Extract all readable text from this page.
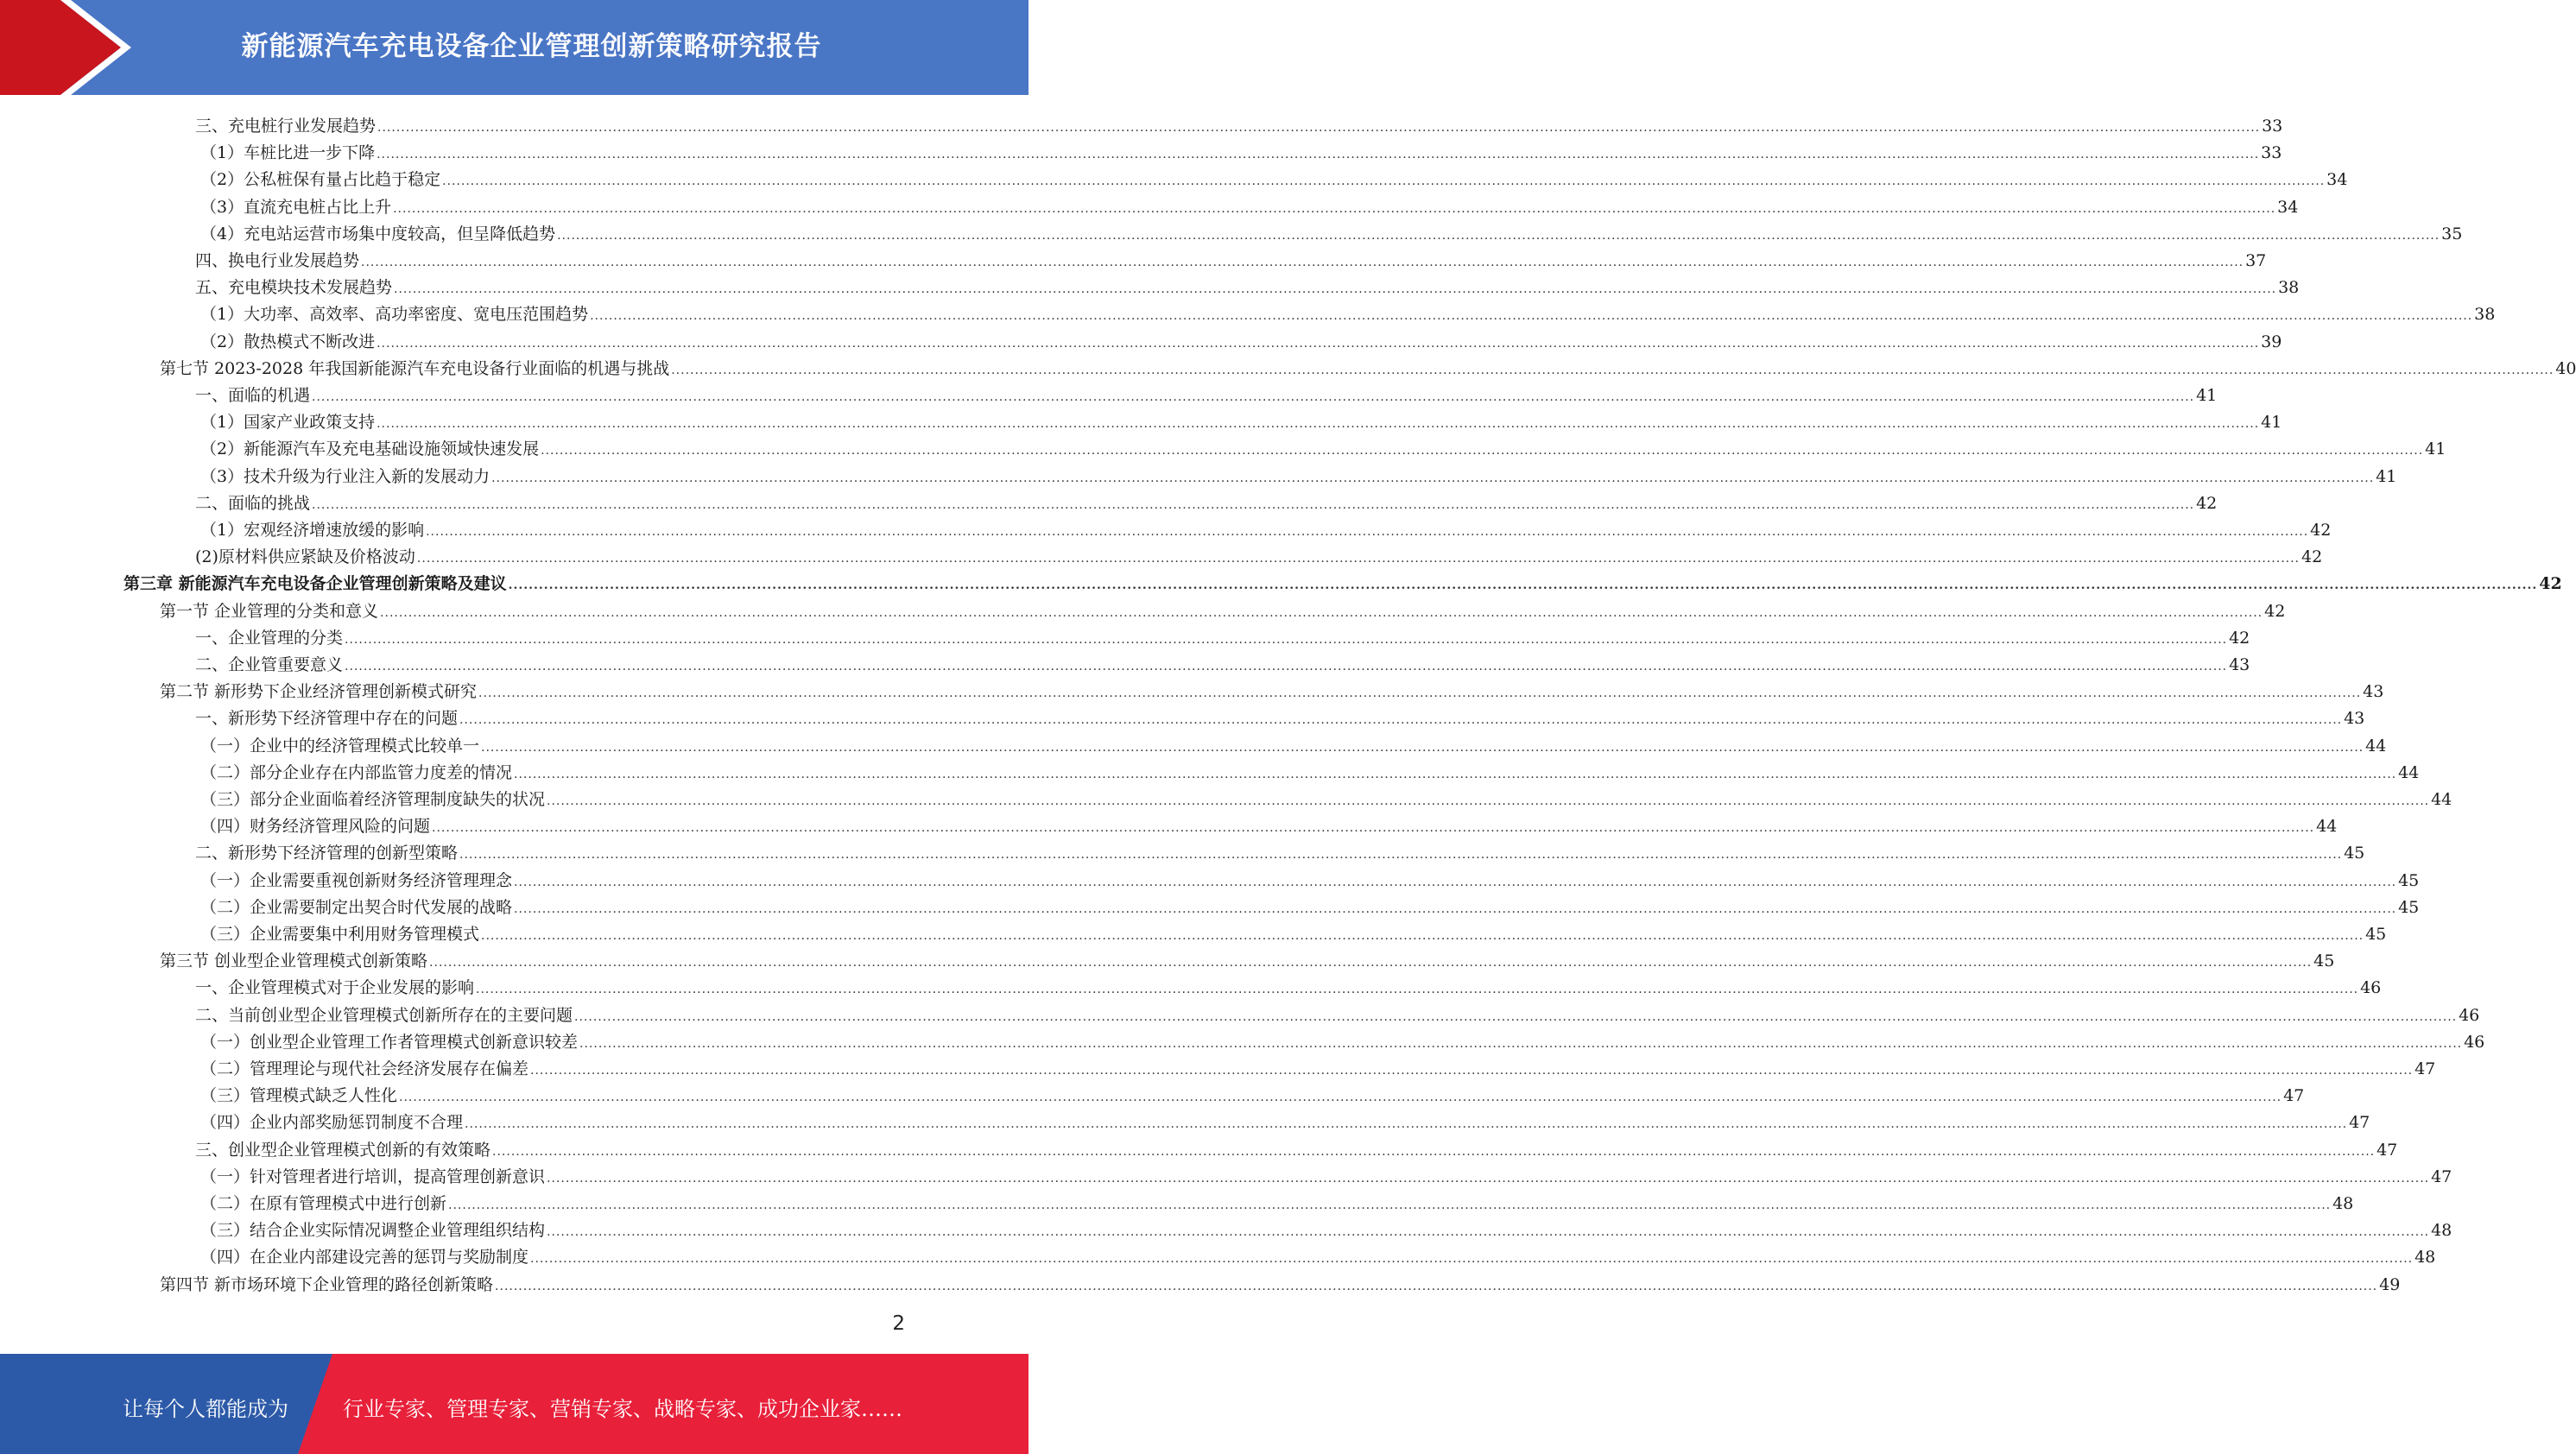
新能源汽车充电设备企业管理创新策略研究报告
三、充电桩行业发展趋势 ................................................................................................................................................................................................................................................................................................................................................................................................................ 33
（1）车桩比进一步下降 ................................................................................................................................................................................................................................................................................................................................................................................................................ 33
（2）公私桩保有量占比趋于稳定 ................................................................................................................................................................................................................................................................................................................................................................................................................ 34
（3）直流充电桩占比上升 ................................................................................................................................................................................................................................................................................................................................................................................................................ 34
（4）充电站运营市场集中度较高，但呈降低趋势 ................................................................................................................................................................................................................................................................................................................................................................................................................ 35
四、换电行业发展趋势 ................................................................................................................................................................................................................................................................................................................................................................................................................ 37
五、充电模块技术发展趋势 ................................................................................................................................................................................................................................................................................................................................................................................................................ 38
（1）大功率、高效率、高功率密度、宽电压范围趋势 ................................................................................................................................................................................................................................................................................................................................................................................................................ 38
（2）散热模式不断改进 ................................................................................................................................................................................................................................................................................................................................................................................................................ 39
第七节 2023-2028 年我国新能源汽车充电设备行业面临的机遇与挑战 ................................................................................................................................................................................................................................................................................................................................................................................................................ 40
一、面临的机遇 ................................................................................................................................................................................................................................................................................................................................................................................................................ 41
（1）国家产业政策支持 ................................................................................................................................................................................................................................................................................................................................................................................................................ 41
（2）新能源汽车及充电基础设施领域快速发展 ................................................................................................................................................................................................................................................................................................................................................................................................................ 41
（3）技术升级为行业注入新的发展动力 ................................................................................................................................................................................................................................................................................................................................................................................................................ 41
二、面临的挑战 ................................................................................................................................................................................................................................................................................................................................................................................................................ 42
（1）宏观经济增速放缓的影响 ................................................................................................................................................................................................................................................................................................................................................................................................................ 42
(2)原材料供应紧缺及价格波动 ................................................................................................................................................................................................................................................................................................................................................................................................................ 42
第三章 新能源汽车充电设备企业管理创新策略及建议 ................................................................................................................................................................................................................................................................................................................................................................................................................ 42
第一节 企业管理的分类和意义 ................................................................................................................................................................................................................................................................................................................................................................................................................ 42
一、企业管理的分类 ................................................................................................................................................................................................................................................................................................................................................................................................................ 42
二、企业管重要意义 ................................................................................................................................................................................................................................................................................................................................................................................................................ 43
第二节 新形势下企业经济管理创新模式研究 ................................................................................................................................................................................................................................................................................................................................................................................................................ 43
一、新形势下经济管理中存在的问题 ................................................................................................................................................................................................................................................................................................................................................................................................................ 43
（一）企业中的经济管理模式比较单一 ................................................................................................................................................................................................................................................................................................................................................................................................................ 44
（二）部分企业存在内部监管力度差的情况 ................................................................................................................................................................................................................................................................................................................................................................................................................ 44
（三）部分企业面临着经济管理制度缺失的状况 ................................................................................................................................................................................................................................................................................................................................................................................................................ 44
（四）财务经济管理风险的问题 ................................................................................................................................................................................................................................................................................................................................................................................................................ 44
二、新形势下经济管理的创新型策略 ................................................................................................................................................................................................................................................................................................................................................................................................................ 45
（一）企业需要重视创新财务经济管理理念 ................................................................................................................................................................................................................................................................................................................................................................................................................ 45
（二）企业需要制定出契合时代发展的战略 ................................................................................................................................................................................................................................................................................................................................................................................................................ 45
（三）企业需要集中利用财务管理模式 ................................................................................................................................................................................................................................................................................................................................................................................................................ 45
第三节 创业型企业管理模式创新策略 ................................................................................................................................................................................................................................................................................................................................................................................................................ 45
一、企业管理模式对于企业发展的影响 ................................................................................................................................................................................................................................................................................................................................................................................................................ 46
二、当前创业型企业管理模式创新所存在的主要问题 ................................................................................................................................................................................................................................................................................................................................................................................................................ 46
（一）创业型企业管理工作者管理模式创新意识较差 ................................................................................................................................................................................................................................................................................................................................................................................................................ 46
（二）管理理论与现代社会经济发展存在偏差 ................................................................................................................................................................................................................................................................................................................................................................................................................ 47
（三）管理模式缺乏人性化 ................................................................................................................................................................................................................................................................................................................................................................................................................ 47
（四）企业内部奖励惩罚制度不合理 ................................................................................................................................................................................................................................................................................................................................................................................................................ 47
三、创业型企业管理模式创新的有效策略 ................................................................................................................................................................................................................................................................................................................................................................................................................ 47
（一）针对管理者进行培训，提高管理创新意识 ................................................................................................................................................................................................................................................................................................................................................................................................................ 47
（二）在原有管理模式中进行创新 ................................................................................................................................................................................................................................................................................................................................................................................................................ 48
（三）结合企业实际情况调整企业管理组织结构 ................................................................................................................................................................................................................................................................................................................................................................................................................ 48
（四）在企业内部建设完善的惩罚与奖励制度 ................................................................................................................................................................................................................................................................................................................................................................................................................ 48
第四节 新市场环境下企业管理的路径创新策略 ................................................................................................................................................................................................................................................................................................................................................................................................................ 49
2
让每个人都能成为	行业专家、管理专家、营销专家、战略专家、成功企业家……
